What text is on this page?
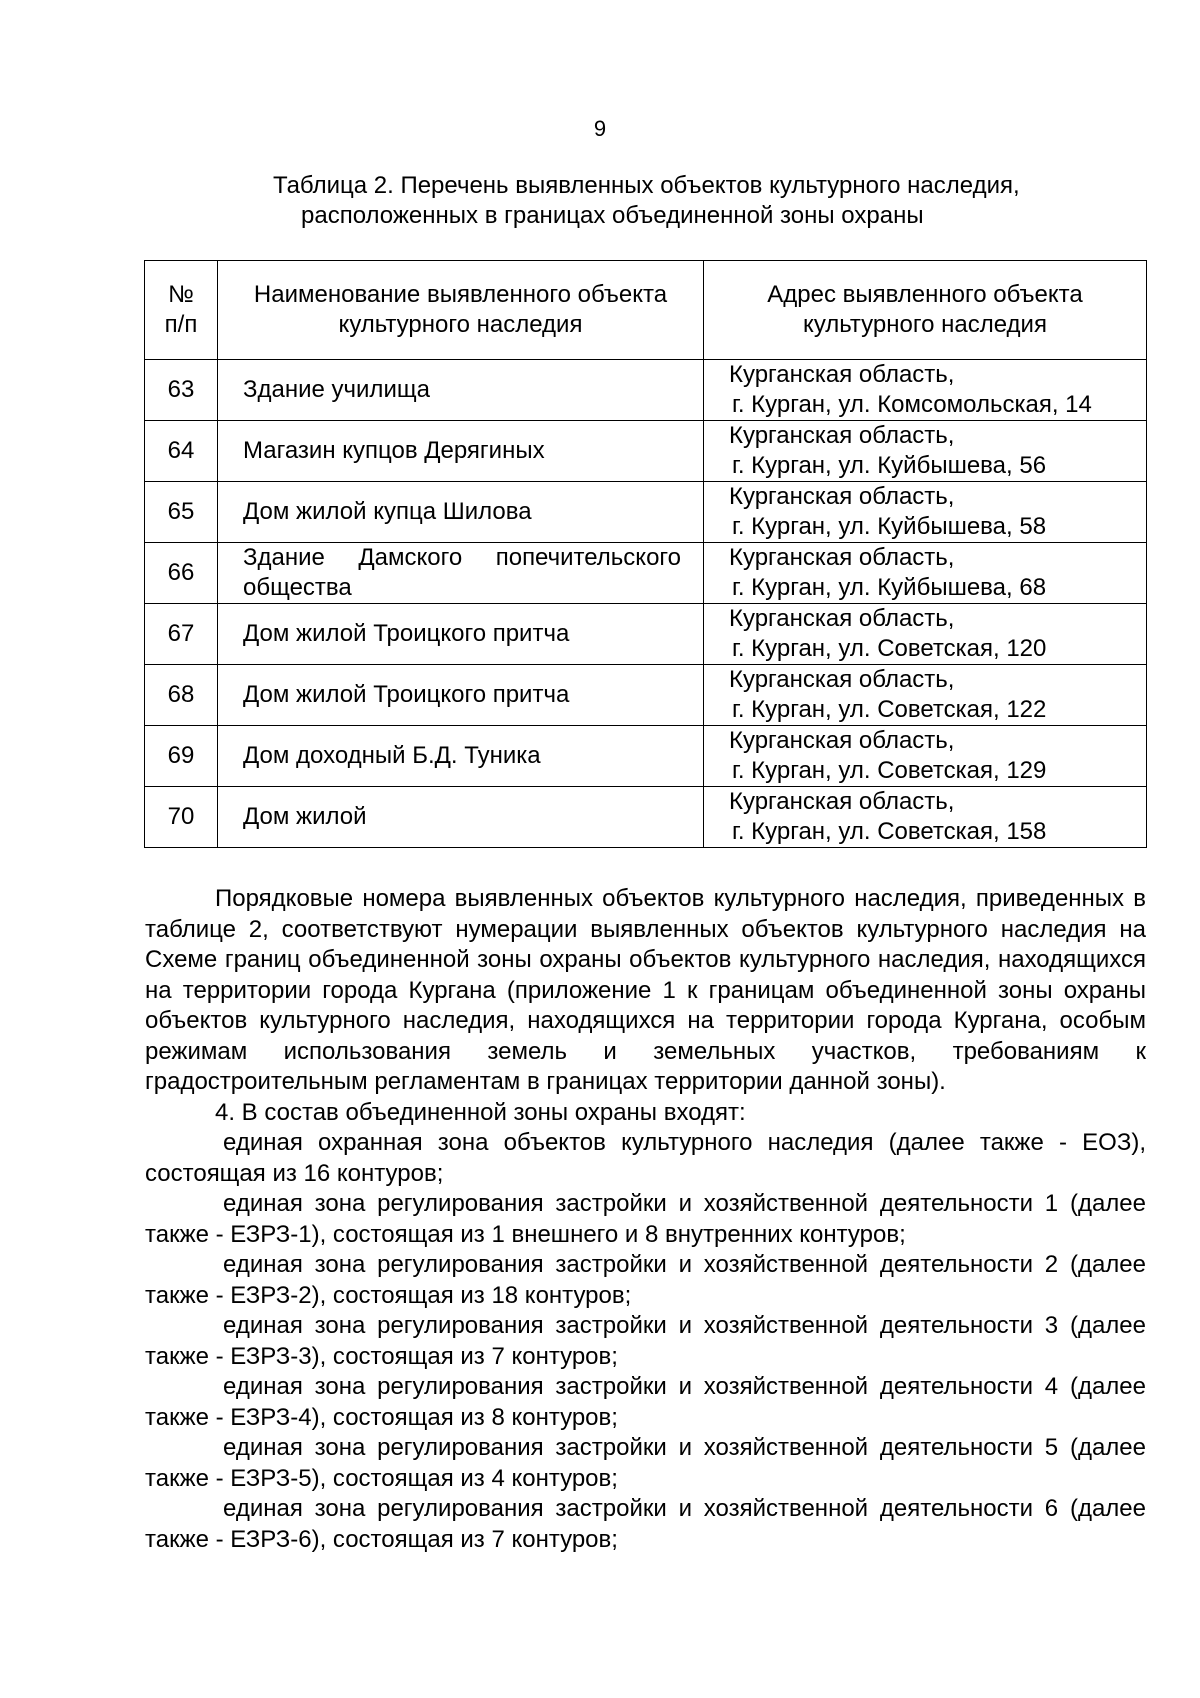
9
Таблица 2. Перечень выявленных объектов культурного наследия,
расположенных в границах объединенной зоны охраны
№ п/п	Наименование выявленного объекта культурного наследия	Адрес выявленного объекта культурного наследия
63	Здание училища	Курганская область,
г. Курган, ул. Комсомольская, 14

64	Магазин купцов Дерягиных	Курганская область,
г. Курган, ул. Куйбышева, 56

65	Дом жилой купца Шилова	Курганская область,
г. Курган, ул. Куйбышева, 58

66	Здание Дамского попечительского общества	Курганская область,
г. Курган, ул. Куйбышева, 68

67	Дом жилой Троицкого притча	Курганская область,
г. Курган, ул. Советская, 120

68	Дом жилой Троицкого притча	Курганская область,
г. Курган, ул. Советская, 122

69	Дом доходный Б.Д. Туника	Курганская область,
г. Курган, ул. Советская, 129

70	Дом жилой	Курганская область,
г. Курган, ул. Советская, 158

Порядковые номера выявленных объектов культурного наследия, приведенных в таблице 2, соответствуют нумерации выявленных объектов культурного наследия на Схеме границ объединенной зоны охраны объектов культурного наследия, находящихся на территории города Кургана (приложение 1 к границам объединенной зоны охраны объектов культурного наследия, находящихся на территории города Кургана, особым режимам использования земель и земельных участков, требованиям к градостроительным регламентам в границах территории данной зоны).

4. В состав объединенной зоны охраны входят:

единая охранная зона объектов культурного наследия (далее также - ЕОЗ), состоящая из 16 контуров;

единая зона регулирования застройки и хозяйственной деятельности 1 (далее также - ЕЗРЗ-1), состоящая из 1 внешнего и 8 внутренних контуров;

единая зона регулирования застройки и хозяйственной деятельности 2 (далее также - ЕЗРЗ-2), состоящая из 18 контуров;

единая зона регулирования застройки и хозяйственной деятельности 3 (далее также - ЕЗРЗ-3), состоящая из 7 контуров;

единая зона регулирования застройки и хозяйственной деятельности 4 (далее также - ЕЗРЗ-4), состоящая из 8 контуров;

единая зона регулирования застройки и хозяйственной деятельности 5 (далее также - ЕЗРЗ-5), состоящая из 4 контуров;

единая зона регулирования застройки и хозяйственной деятельности 6 (далее также - ЕЗРЗ-6), состоящая из 7 контуров;
